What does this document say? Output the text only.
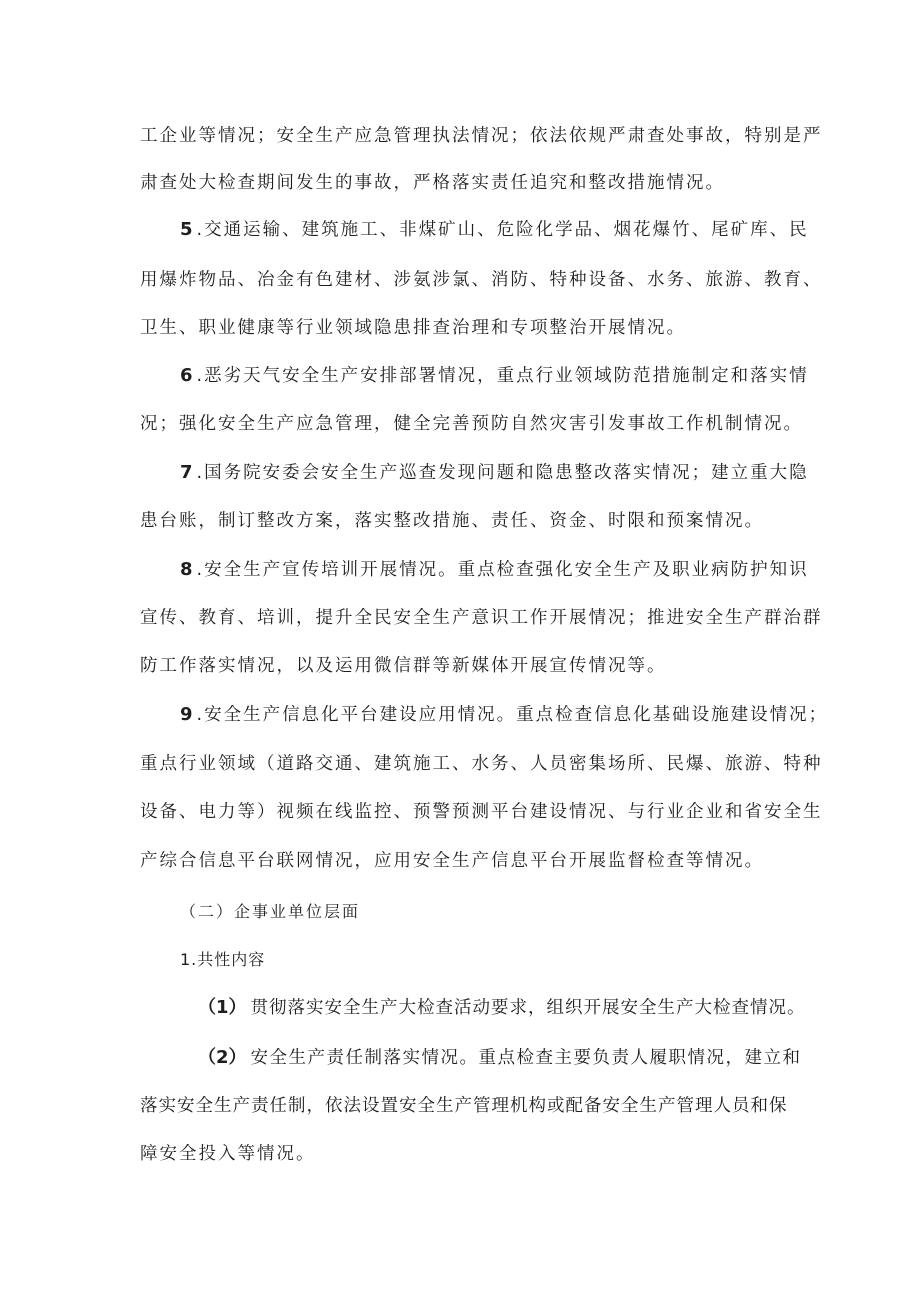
工企业等情况；安全生产应急管理执法情况；依法依规严肃查处事故，特别是严
肃查处大检查期间发生的事故，严格落实责任追究和整改措施情况。
5 .交通运输、建筑施工、非煤矿山、危险化学品、烟花爆竹、尾矿库、民
用爆炸物品、冶金有色建材、涉氨涉氯、消防、特种设备、水务、旅游、教育、
卫生、职业健康等行业领域隐患排查治理和专项整治开展情况。
6 .恶劣天气安全生产安排部署情况，重点行业领域防范措施制定和落实情
况；强化安全生产应急管理，健全完善预防自然灾害引发事故工作机制情况。
7 .国务院安委会安全生产巡查发现问题和隐患整改落实情况；建立重大隐
患台账，制订整改方案，落实整改措施、责任、资金、时限和预案情况。
8 .安全生产宣传培训开展情况。重点检查强化安全生产及职业病防护知识
宣传、教育、培训，提升全民安全生产意识工作开展情况；推进安全生产群治群
防工作落实情况，以及运用微信群等新媒体开展宣传情况等。
9 .安全生产信息化平台建设应用情况。重点检查信息化基础设施建设情况；
重点行业领域（道路交通、建筑施工、水务、人员密集场所、民爆、旅游、特种
设备、电力等）视频在线监控、预警预测平台建设情况、与行业企业和省安全生
产综合信息平台联网情况，应用安全生产信息平台开展监督检查等情况。
（二）企事业单位层面
1.共性内容
（1） 贯彻落实安全生产大检查活动要求，组织开展安全生产大检查情况。
（2） 安全生产责任制落实情况。重点检查主要负责人履职情况，建立和
落实安全生产责任制，依法设置安全生产管理机构或配备安全生产管理人员和保
障安全投入等情况。
